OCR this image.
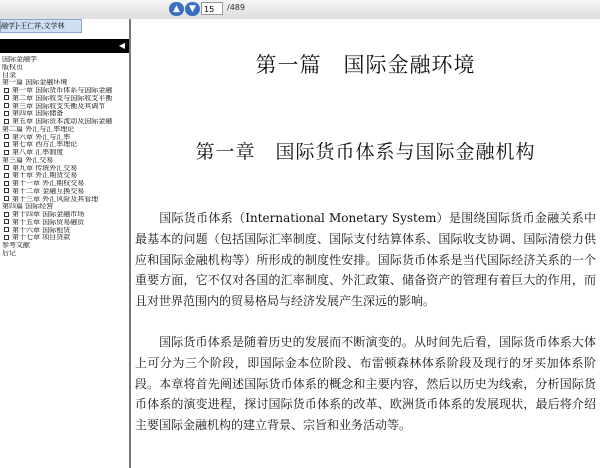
▲	▼	15	/489
融学]-王仁祥,文学林
◀
国际金融学
版权页
目录
第一篇 国际金融环境
第一章 国际货币体系与国际金融
第二章 国际收支与国际收支平衡
第三章 国际收支失衡及其调节
第四章 国际储备
第五章 国际资本流动及国际金融
第二篇 外汇与汇率理论
第六章 外汇与汇率
第七章 西方汇率理论
第八章 汇率制度
第三篇 外汇交易
第九章 传统外汇交易
第十章 外汇期货交易
第十一章 外汇期权交易
第十二章 金融互换交易
第十三章 外汇风险及其管理
第四篇 国际经营
第十四章 国际金融市场
第十五章 国际贸易融资
第十六章 国际租赁
第十七章 项目贷款
参考文献
后记
第一篇　国际金融环境
第一章　国际货币体系与国际金融机构
国际货币体系（International Monetary System）是围绕国际货币金融关系中最基本的问题（包括国际汇率制度、国际支付结算体系、国际收支协调、国际清偿力供应和国际金融机构等）所形成的制度性安排。国际货币体系是当代国际经济关系的一个重要方面，它不仅对各国的汇率制度、外汇政策、储备资产的管理有着巨大的作用，而且对世界范围内的贸易格局与经济发展产生深远的影响。
国际货币体系是随着历史的发展而不断演变的。从时间先后看，国际货币体系大体上可分为三个阶段，即国际金本位阶段、布雷顿森林体系阶段及现行的牙买加体系阶段。本章将首先阐述国际货币体系的概念和主要内容，然后以历史为线索，分析国际货币体系的演变进程，探讨国际货币体系的改革、欧洲货币体系的发展现状，最后将介绍主要国际金融机构的建立背景、宗旨和业务活动等。
